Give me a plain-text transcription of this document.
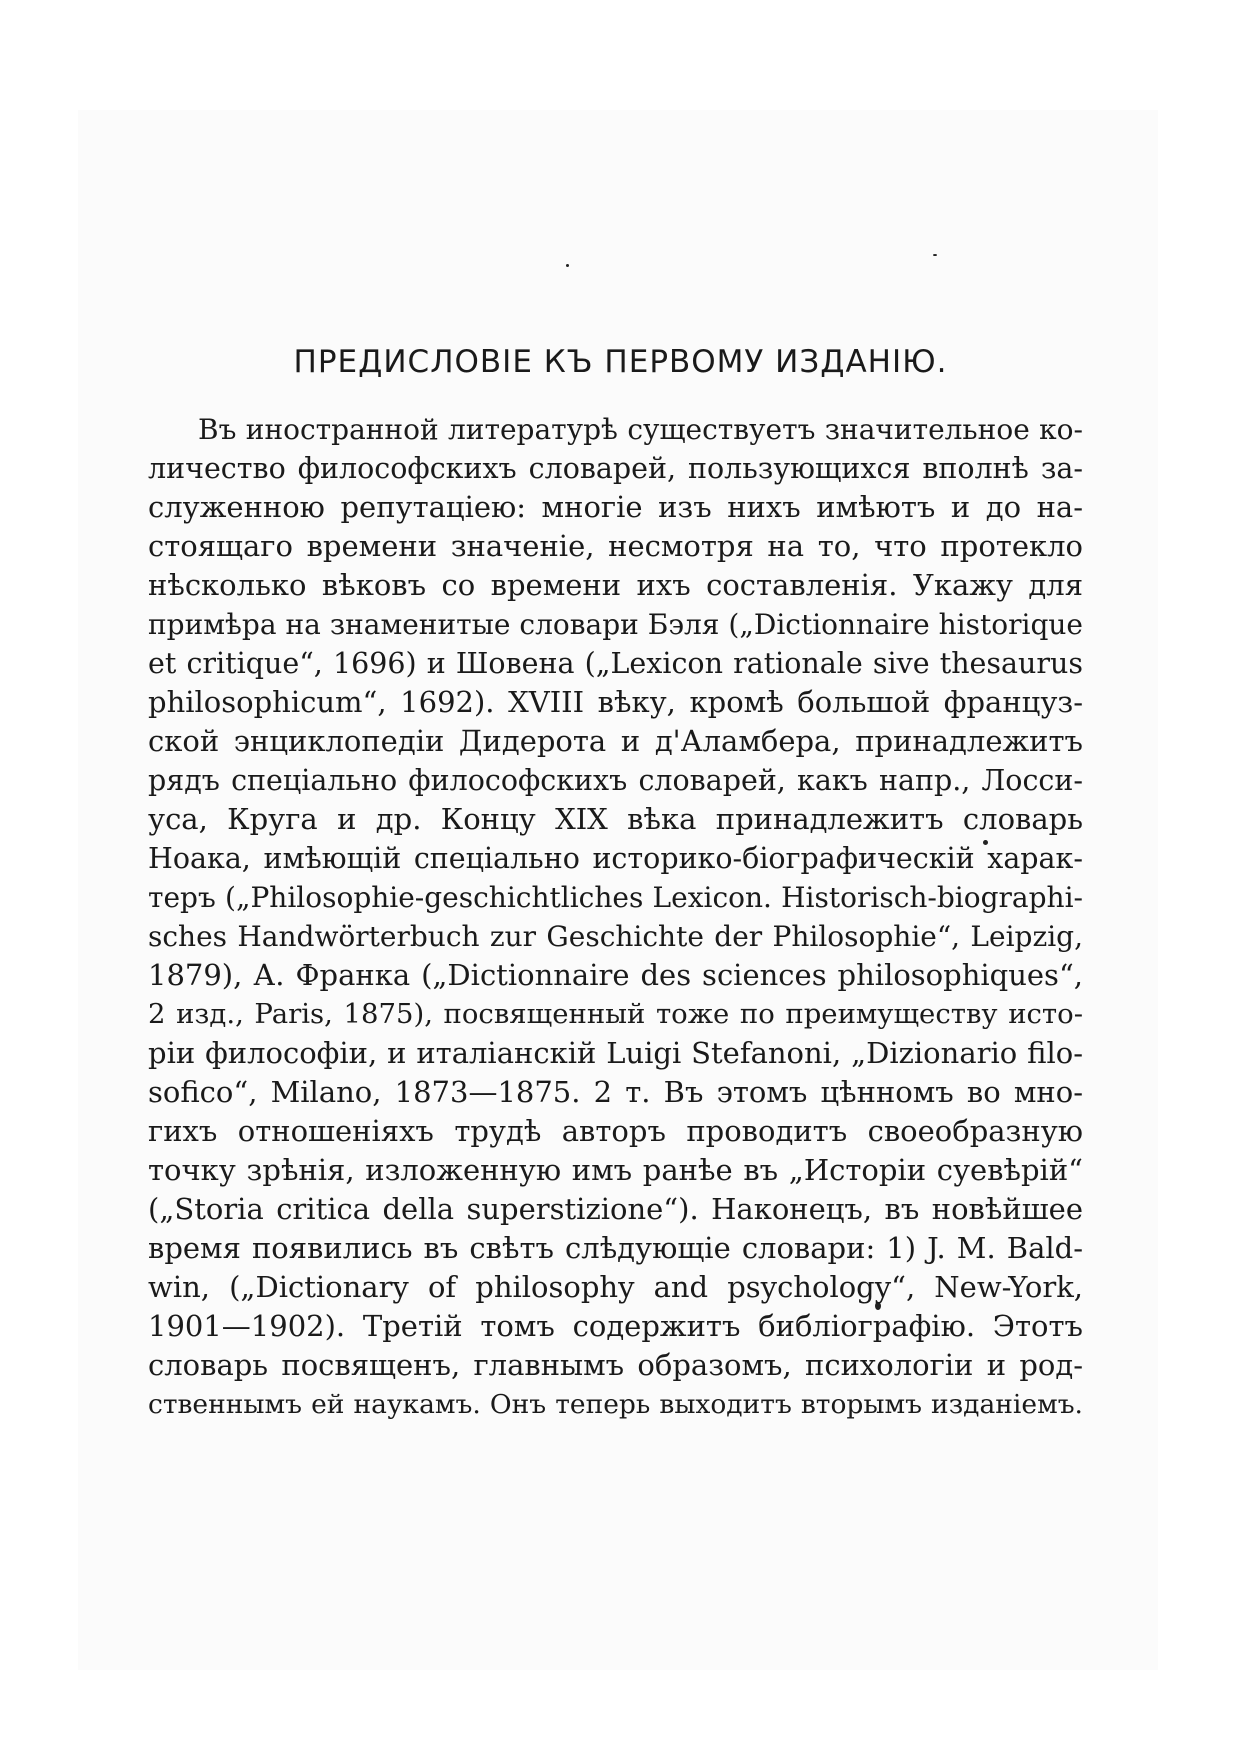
ПРЕДИСЛОВІЕ КЪ ПЕРВОМУ ИЗДАНІЮ.
Въ иностранной литературѣ существуетъ значительное ко-
личество философскихъ словарей, пользующихся вполнѣ за-
служенною репутаціею: многіе изъ нихъ имѣютъ и до на-
стоящаго времени значеніе, несмотря на то, что протекло
нѣсколько вѣковъ со времени ихъ составленія. Укажу для
примѣра на знаменитые словари Бэля („Dictionnaire historique
et critique“, 1696) и Шовена („Lexicon rationale sive thesaurus
philosophicum“, 1692). XVIII вѣку, кромѣ большой француз-
ской энциклопедіи Дидерота и д'Аламбера, принадлежитъ
рядъ спеціально философскихъ словарей, какъ напр., Лосси-
уса, Круга и др. Концу XIX вѣка принадлежитъ словарь
Ноака, имѣющій спеціально историко-біографическій харак-
теръ („Philosophie-geschichtliches Lexicon. Historisch-biographi-
sches Handwörterbuch zur Geschichte der Philosophie“, Leipzig,
1879), А. Франка („Dictionnaire des sciences philosophiques“,
2 изд., Paris, 1875), посвященный тоже по преимуществу исто-
ріи философіи, и италіанскій Luigi Stefanoni, „Dizionario filo-
sofico“, Milano, 1873—1875. 2 т. Въ этомъ цѣнномъ во мно-
гихъ отношеніяхъ трудѣ авторъ проводитъ своеобразную
точку зрѣнія, изложенную имъ ранѣе въ „Исторіи суевѣрій“
(„Storia critica della superstizione“). Наконецъ, въ новѣйшее
время появились въ свѣтъ слѣдующіе словари: 1) J. M. Bald-
win, („Dictionary of philosophy and psychology“, New-York,
1901—1902). Третій томъ содержитъ библіографію. Этотъ
словарь посвященъ, главнымъ образомъ, психологіи и род-
ственнымъ ей наукамъ. Онъ теперь выходитъ вторымъ изданіемъ.
